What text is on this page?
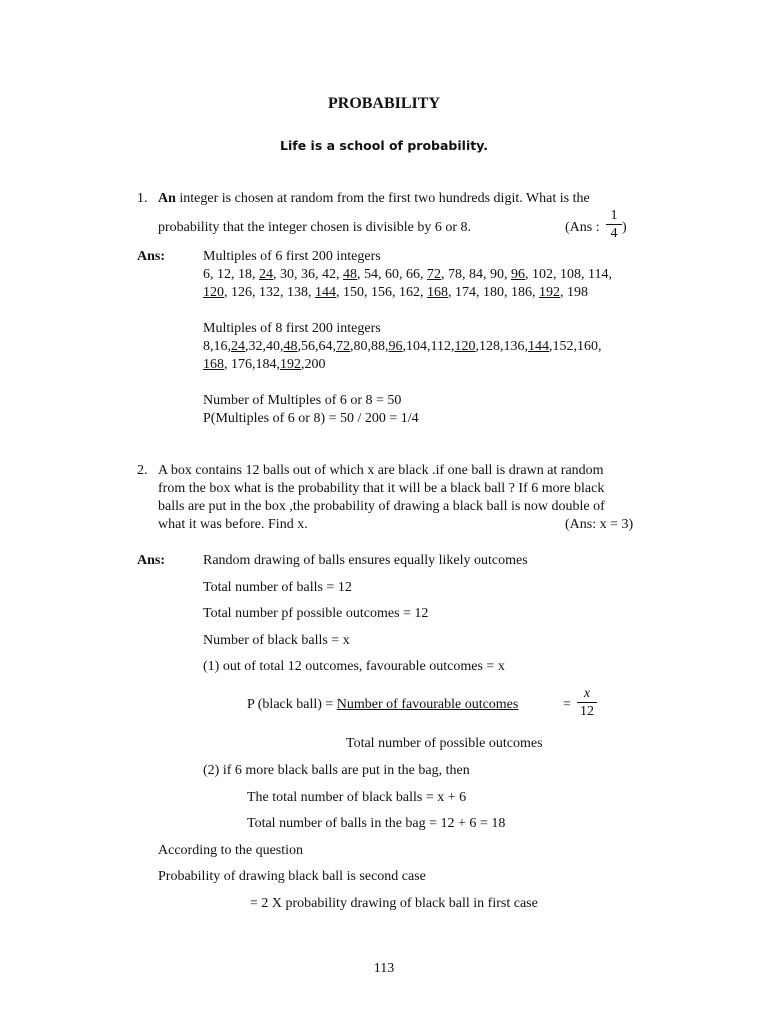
PROBABILITY
Life is a school of probability.
1. An integer is chosen at random from the first two hundreds digit. What is the
probability that the integer chosen is divisible by 6 or 8.	(Ans :
1
4 )
Ans:	Multiples of 6 first 200 integers
6, 12, 18, 24, 30, 36, 42, 48, 54, 60, 66, 72, 78, 84, 90, 96, 102, 108, 114,
120, 126, 132, 138, 144, 150, 156, 162, 168, 174, 180, 186, 192, 198
Multiples of 8 first 200 integers
8,16,24,32,40,48,56,64,72,80,88,96,104,112,120,128,136,144,152,160,
168, 176,184,192,200
Number of Multiples of 6 or 8 = 50
P(Multiples of 6 or 8) = 50 / 200 = 1/4
2. A box contains 12 balls out of which x are black .if one ball is drawn at random
from the box what is the probability that it will be a black ball ? If 6 more black
balls are put in the box ,the probability of drawing a black ball is now double of
what it was before. Find x.	(Ans: x = 3)
Ans:	Random drawing of balls ensures equally likely outcomes
Total number of balls = 12
Total number pf possible outcomes = 12
Number of black balls = x
(1) out of total 12 outcomes, favourable outcomes = x
P (black ball) = Number of favourable outcomes	=
x
12
Total number of possible outcomes
(2) if 6 more black balls are put in the bag, then
The total number of black balls = x + 6
Total number of balls in the bag = 12 + 6 = 18
According to the question
Probability of drawing black ball is second case
= 2 X probability drawing of black ball in first case
113
